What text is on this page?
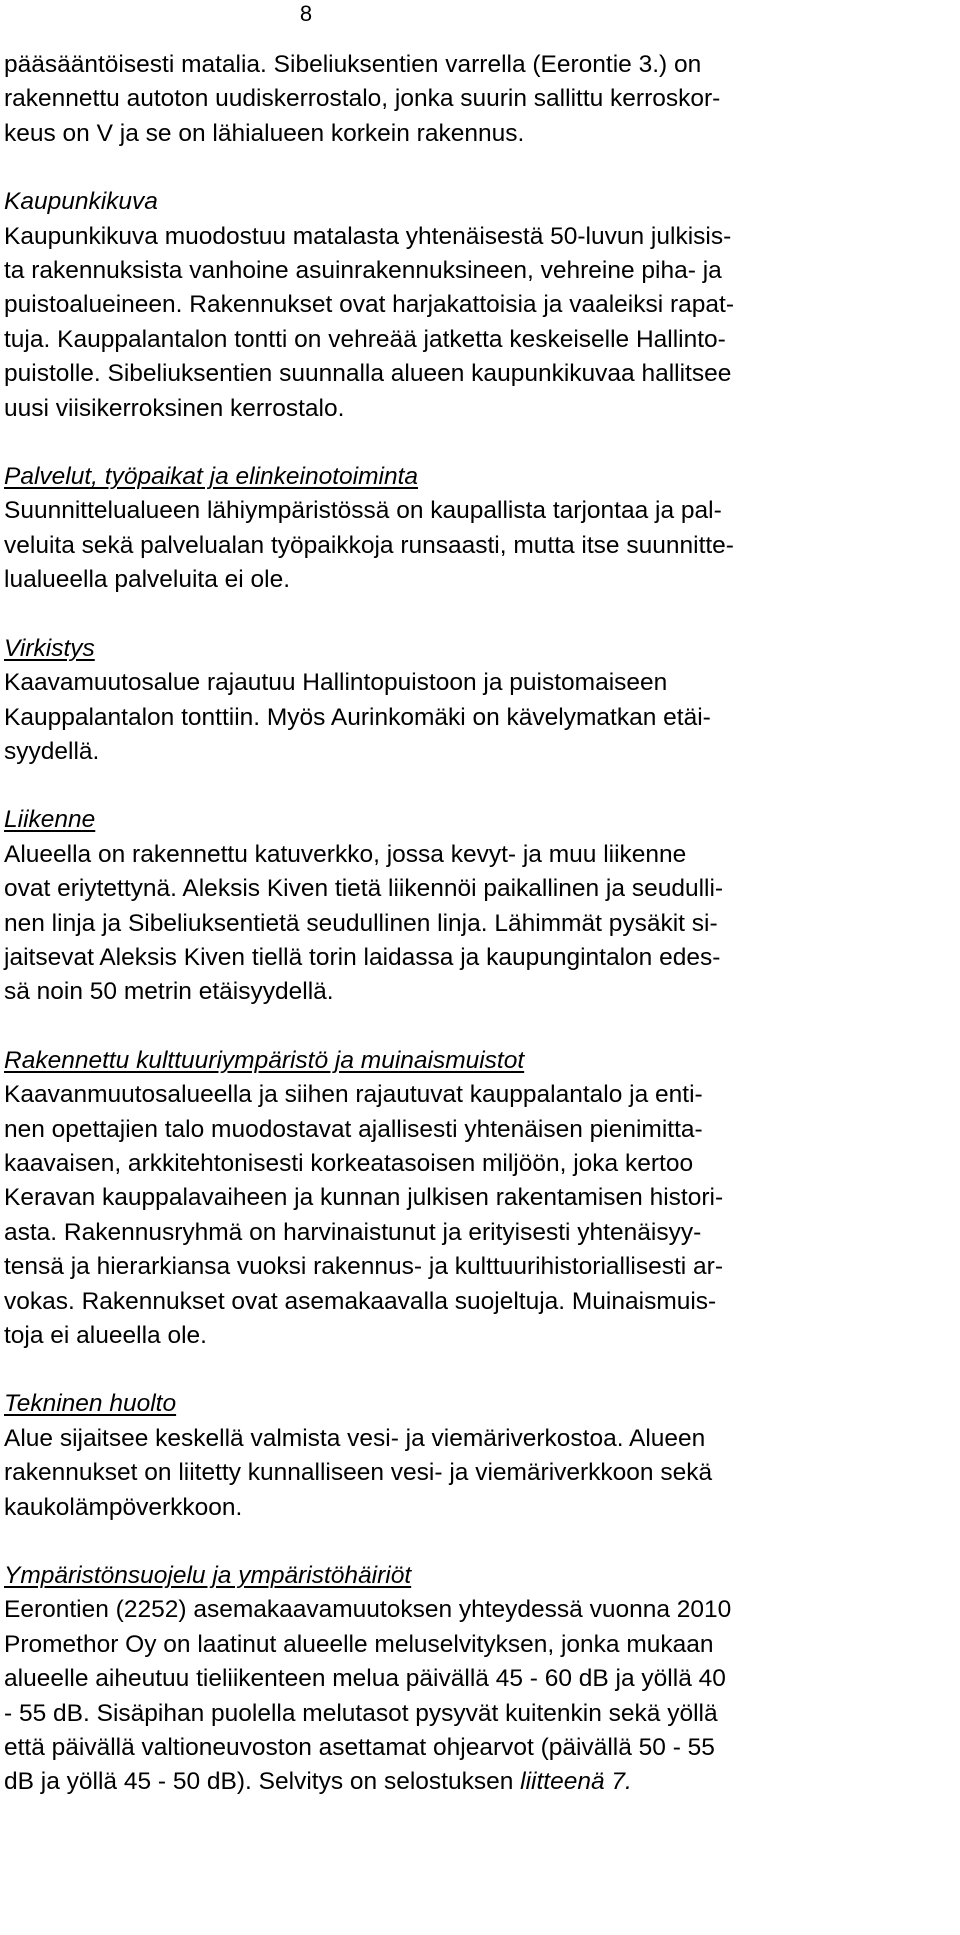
8

pääsääntöisesti matalia. Sibeliuksentien varrella (Eerontie 3.) on
rakennettu autoton uudiskerrostalo, jonka suurin sallittu kerroskor-
keus on V ja se on lähialueen korkein rakennus.

Kaupunkikuva
Kaupunkikuva muodostuu matalasta yhtenäisestä 50-luvun julkisis-
ta rakennuksista vanhoine asuinrakennuksineen, vehreine piha- ja
puistoalueineen. Rakennukset ovat harjakattoisia ja vaaleiksi rapat-
tuja. Kauppalantalon tontti on vehreää jatketta keskeiselle Hallinto-
puistolle. Sibeliuksentien suunnalla alueen kaupunkikuvaa hallitsee
uusi viisikerroksinen kerrostalo.
Palvelut, työpaikat ja elinkeinotoiminta
Suunnittelualueen lähiympäristössä on kaupallista tarjontaa ja pal-
veluita sekä palvelualan työpaikkoja runsaasti, mutta itse suunnitte-
lualueella palveluita ei ole.
Virkistys
Kaavamuutosalue rajautuu Hallintopuistoon ja puistomaiseen
Kauppalantalon tonttiin. Myös Aurinkomäki on kävelymatkan etäi-
syydellä.
Liikenne
Alueella on rakennettu katuverkko, jossa kevyt- ja muu liikenne
ovat eriytettynä. Aleksis Kiven tietä liikennöi paikallinen ja seudulli-
nen linja ja Sibeliuksentietä seudullinen linja. Lähimmät pysäkit si-
jaitsevat Aleksis Kiven tiellä torin laidassa ja kaupungintalon edes-
sä noin 50 metrin etäisyydellä.
Rakennettu kulttuuriympäristö ja muinaismuistot
Kaavanmuutosalueella ja siihen rajautuvat kauppalantalo ja enti-
nen opettajien talo muodostavat ajallisesti yhtenäisen pienimitta-
kaavaisen, arkkitehtonisesti korkeatasoisen miljöön, joka kertoo
Keravan kauppalavaiheen ja kunnan julkisen rakentamisen histori-
asta. Rakennusryhmä on harvinaistunut ja erityisesti yhtenäisyy-
tensä ja hierarkiansa vuoksi rakennus- ja kulttuurihistoriallisesti ar-
vokas. Rakennukset ovat asemakaavalla suojeltuja. Muinaismuis-
toja ei alueella ole.
Tekninen huolto
Alue sijaitsee keskellä valmista vesi- ja viemäriverkostoa. Alueen
rakennukset on liitetty kunnalliseen vesi- ja viemäriverkkoon sekä
kaukolämpöverkkoon.
Ympäristönsuojelu ja ympäristöhäiriöt
Eerontien (2252) asemakaavamuutoksen yhteydessä vuonna 2010
Promethor Oy on laatinut alueelle meluselvityksen, jonka mukaan
alueelle aiheutuu tieliikenteen melua päivällä 45 - 60 dB ja yöllä 40
- 55 dB. Sisäpihan puolella melutasot pysyvät kuitenkin sekä yöllä
että päivällä valtioneuvoston asettamat ohjearvot (päivällä 50 - 55
dB ja yöllä 45 - 50 dB). Selvitys on selostuksen liitteenä 7.
